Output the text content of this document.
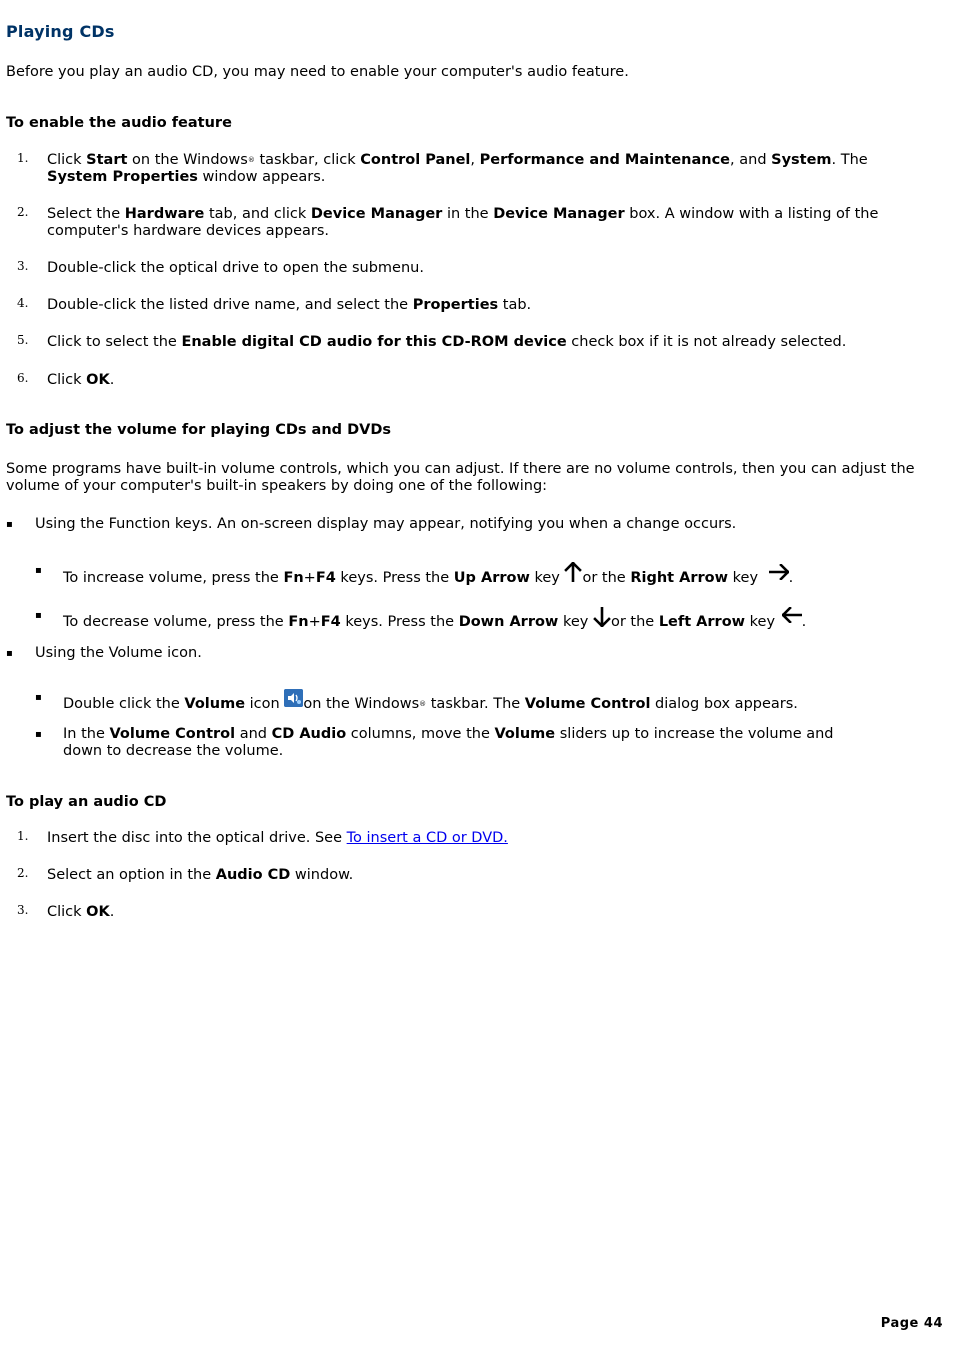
Playing CDs

Before you play an audio CD, you may need to enable your computer's audio feature.

To enable the audio feature
1. Click Start on the Windows® taskbar, click Control Panel, Performance and Maintenance, and System. The
System Properties window appears.
2. Select the Hardware tab, and click Device Manager in the Device Manager box. A window with a listing of the computer's hardware devices appears.
3. Double-click the optical drive to open the submenu.
4. Double-click the listed drive name, and select the Properties tab.
5. Click to select the Enable digital CD audio for this CD-ROM device check box if it is not already selected.
6. Click OK.
To adjust the volume for playing CDs and DVDs

Some programs have built-in volume controls, which you can adjust. If there are no volume controls, then you can adjust the volume of your computer's built-in speakers by doing one of the following:

▪ Using the Function keys. An on-screen display may appear, notifying you when a change occurs.
▪ To increase volume, press the Fn+F4 keys. Press the Up Arrow key or the Right Arrow key .
▪ To decrease volume, press the Fn+F4 keys. Press the Down Arrow key or the Left Arrow key .
▪ Using the Volume icon.
▪ Double click the Volume icon on the Windows® taskbar. The Volume Control dialog box appears.
▪ In the Volume Control and CD Audio columns, move the Volume sliders up to increase the volume and down to decrease the volume.
To play an audio CD
1. Insert the disc into the optical drive. See To insert a CD or DVD.
2. Select an option in the Audio CD window.
3. Click OK.
Page 44
